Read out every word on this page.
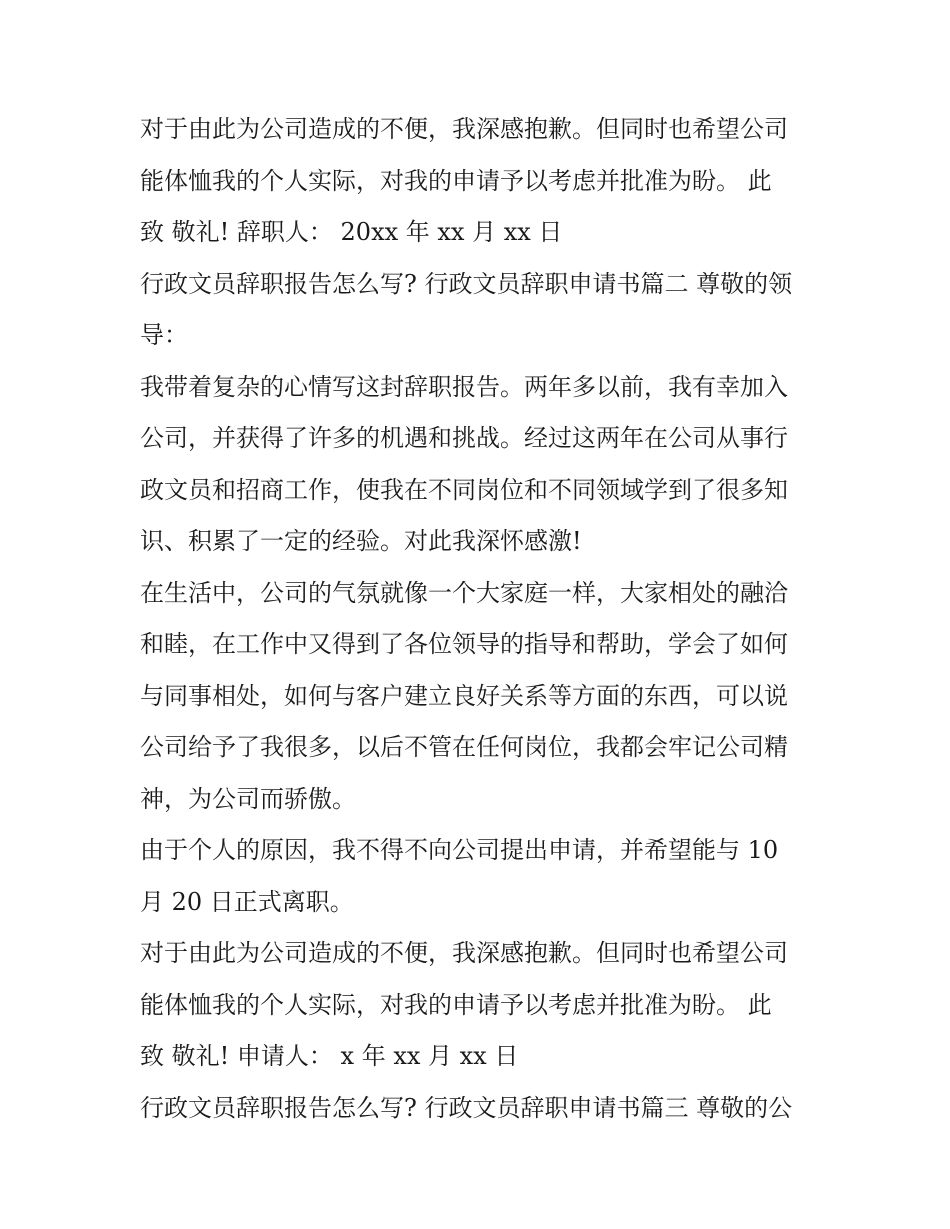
对于由此为公司造成的不便，我深感抱歉。但同时也希望公司
能体恤我的个人实际，对我的申请予以考虑并批准为盼。 此
致 敬礼! 辞职人： 20xx 年 xx 月 xx 日
行政文员辞职报告怎么写? 行政文员辞职申请书篇二 尊敬的领
导：
我带着复杂的心情写这封辞职报告。两年多以前，我有幸加入
公司，并获得了许多的机遇和挑战。经过这两年在公司从事行
政文员和招商工作，使我在不同岗位和不同领域学到了很多知
识、积累了一定的经验。对此我深怀感激!
在生活中，公司的气氛就像一个大家庭一样，大家相处的融洽
和睦，在工作中又得到了各位领导的指导和帮助，学会了如何
与同事相处，如何与客户建立良好关系等方面的东西，可以说
公司给予了我很多，以后不管在任何岗位，我都会牢记公司精
神，为公司而骄傲。
由于个人的原因，我不得不向公司提出申请，并希望能与 10
月 20 日正式离职。
对于由此为公司造成的不便，我深感抱歉。但同时也希望公司
能体恤我的个人实际，对我的申请予以考虑并批准为盼。 此
致 敬礼! 申请人： x 年 xx 月 xx 日
行政文员辞职报告怎么写? 行政文员辞职申请书篇三 尊敬的公
